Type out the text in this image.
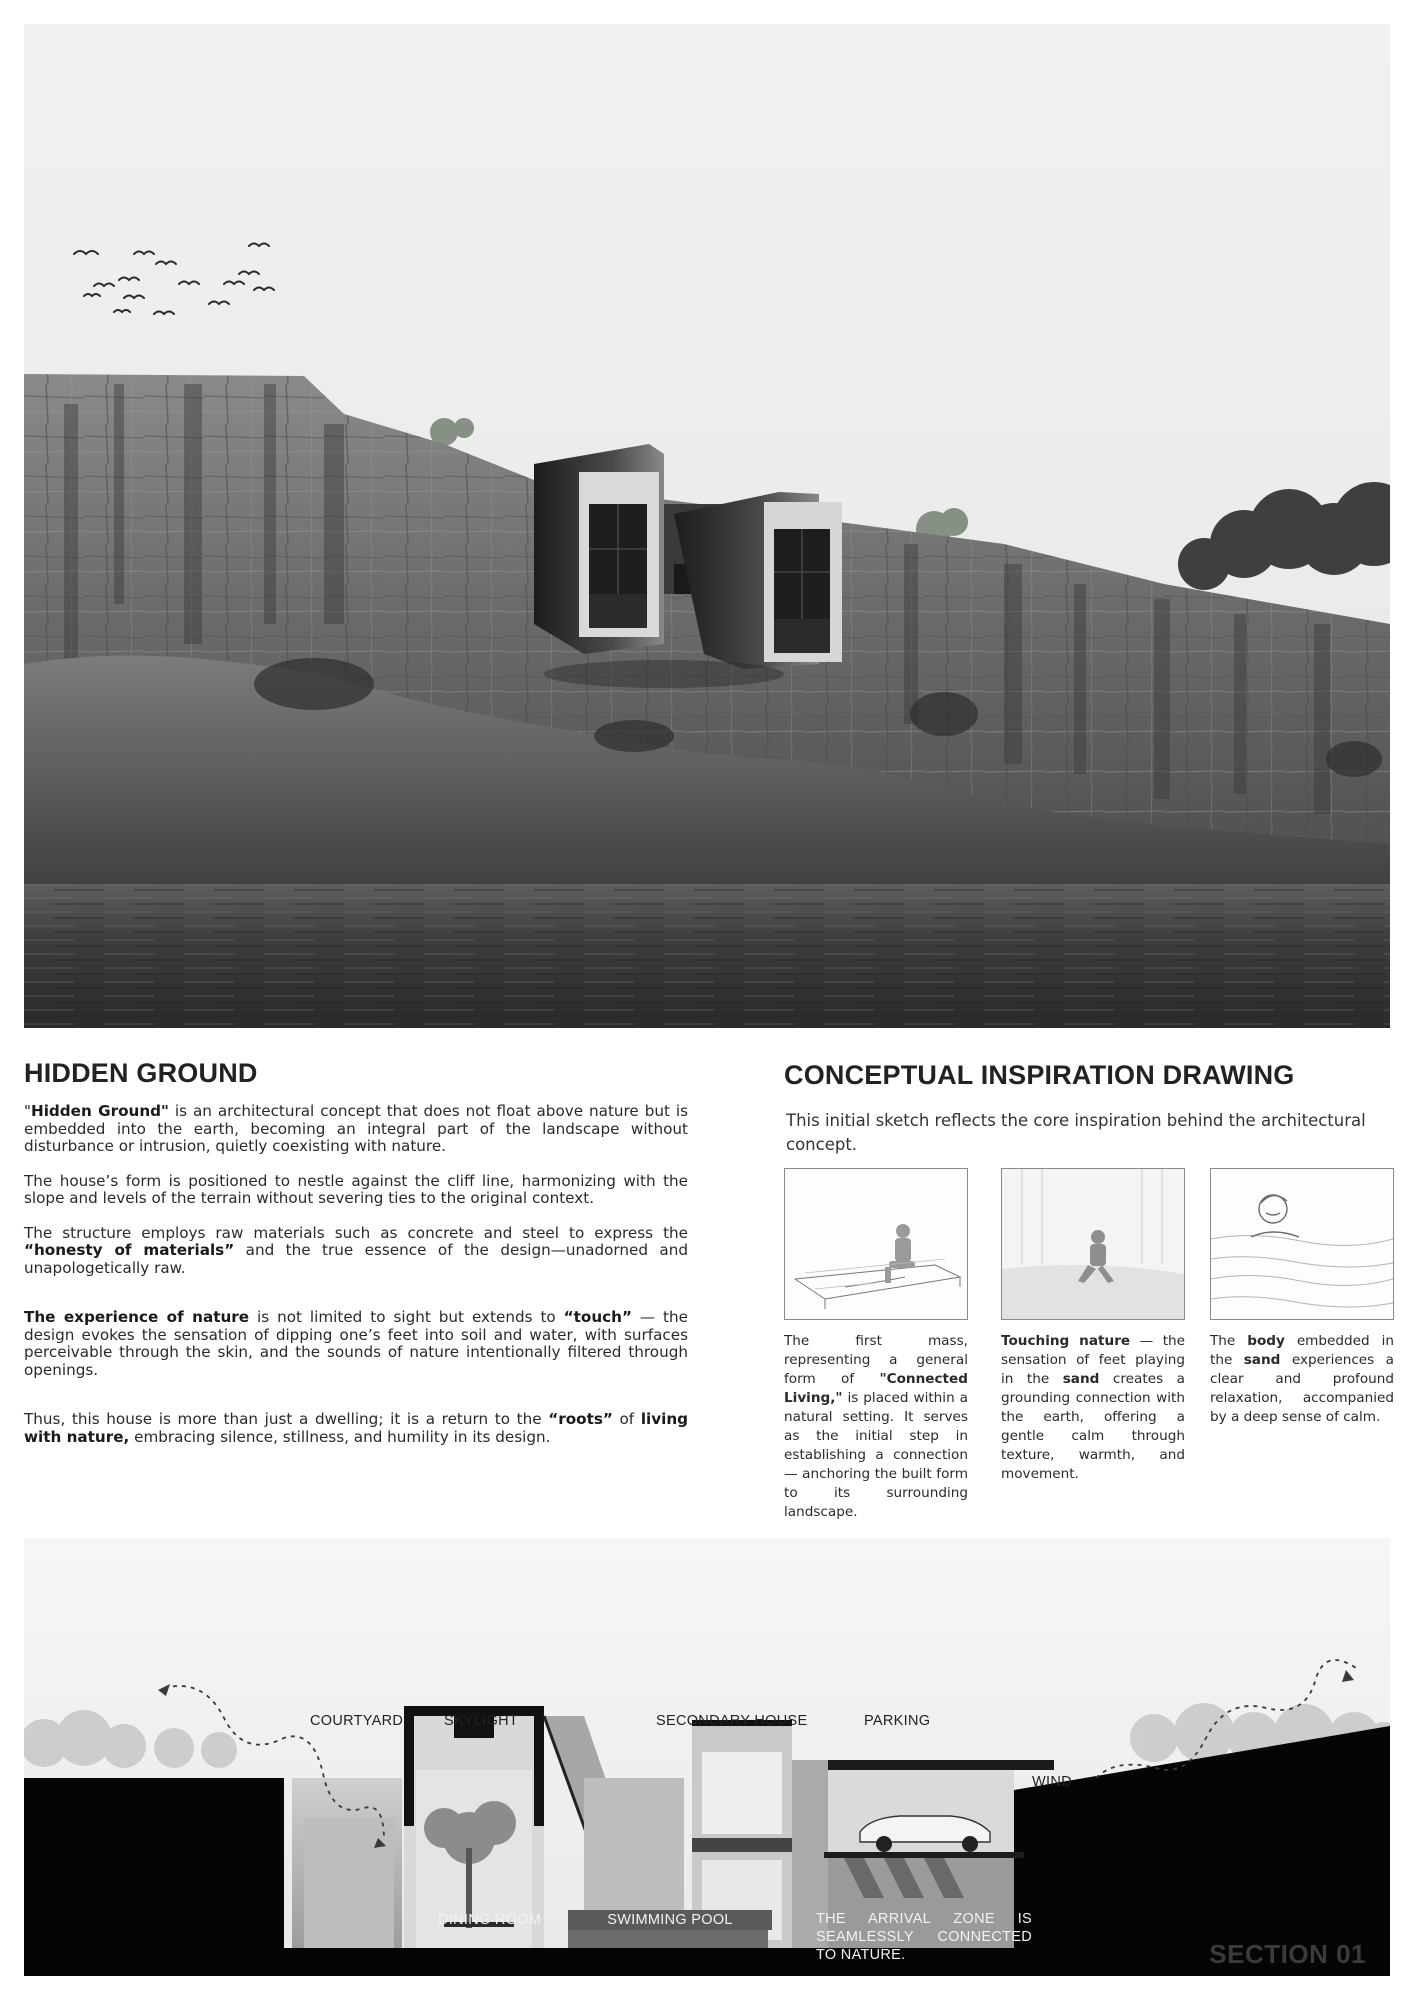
HIDDEN GROUND

"Hidden Ground" is an architectural concept that does not float above nature but is embedded into the earth, becoming an integral part of the landscape without disturbance or intrusion, quietly coexisting with nature.

The house’s form is positioned to nestle against the cliff line, harmonizing with the slope and levels of the terrain without severing ties to the original context.

The structure employs raw materials such as concrete and steel to express the “honesty of materials” and the true essence of the design—unadorned and unapologetically raw.

The experience of nature is not limited to sight but extends to “touch” — the design evokes the sensation of dipping one’s feet into soil and water, with surfaces perceivable through the skin, and the sounds of nature intentionally filtered through openings.

Thus, this house is more than just a dwelling; it is a return to the “roots” of living with nature, embracing silence, stillness, and humility in its design.

CONCEPTUAL INSPIRATION DRAWING

This initial sketch reflects the core inspiration behind the architectural concept.

The first mass, representing a general form of "Connected Living," is placed within a natural setting. It serves as the initial step in establishing a connection — anchoring the built form to its surrounding landscape.
Touching nature — the sensation of feet playing in the sand creates a grounding connection with the earth, offering a gentle calm through texture, warmth, and movement.
The body embedded in the sand experiences a clear and profound relaxation, accompanied by a deep sense of calm.
COURTYARD	SKYLIGHT	SECONDARY HOUSE	PARKING
WIND
DINING ROOM	SWIMMING POOL	THE ARRIVAL ZONE IS SEAMLESSLY CONNECTED TO NATURE.	SECTION 01
